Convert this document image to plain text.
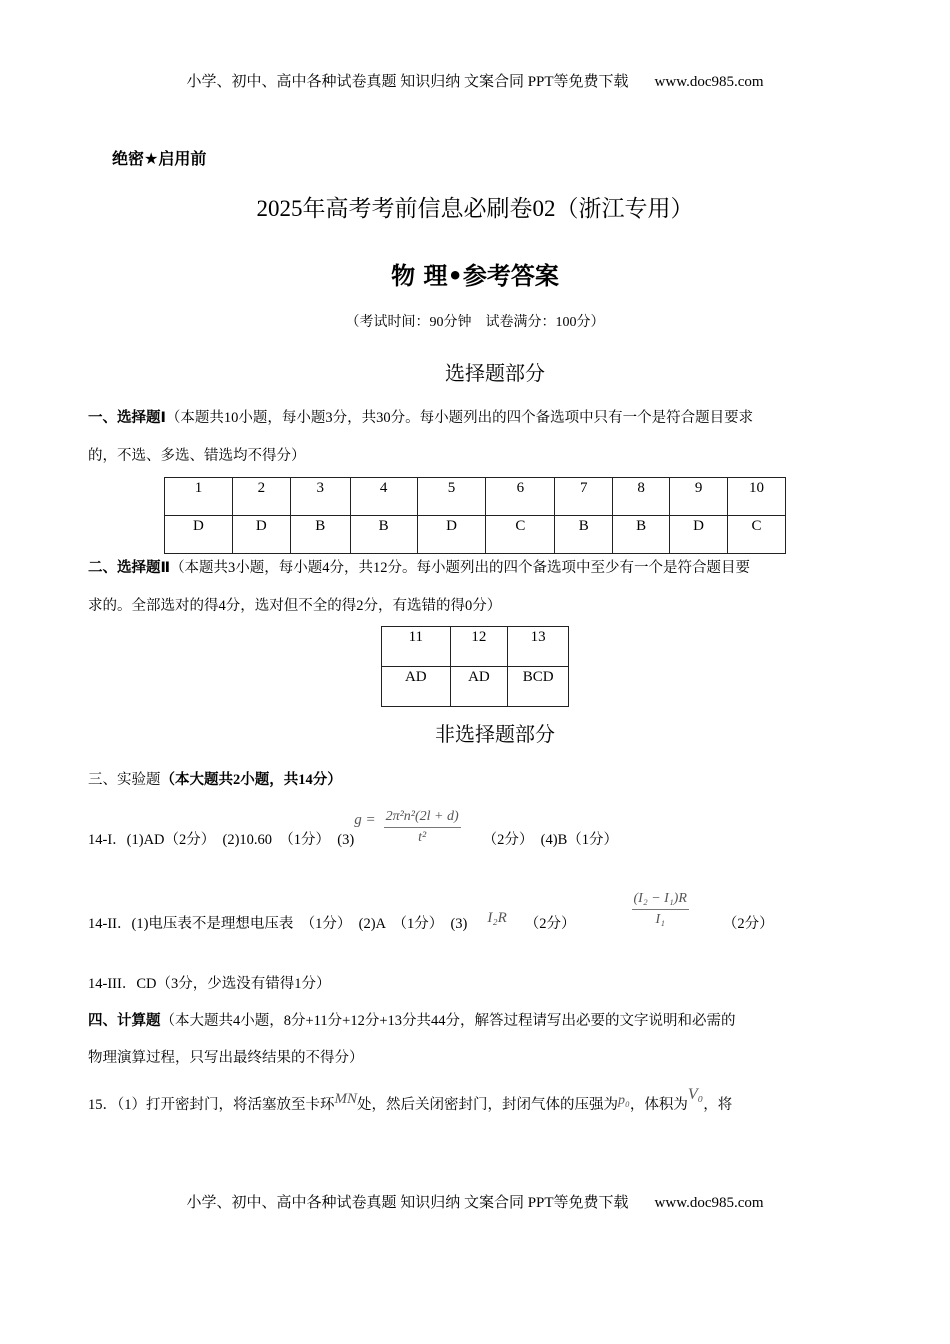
小学、初中、高中各种试卷真题 知识归纳 文案合同 PPT等免费下载 www.doc985.com
绝密★启用前
2025年高考考前信息必刷卷02（浙江专用）
物 理•参考答案
（考试时间：90分钟　试卷满分：100分）
选择题部分
一、选择题Ⅰ（本题共10小题，每小题3分，共30分。每小题列出的四个备选项中只有一个是符合题目要求
的，不选、多选、错选均不得分）
1	2	3	4	5	6	7	8	9	10
D	D	B	B	D	C	B	B	D	C
二、选择题Ⅱ（本题共3小题，每小题4分，共12分。每小题列出的四个备选项中至少有一个是符合题目要
求的。全部选对的得4分，选对但不全的得2分，有选错的得0分）
11	12	13
AD	AD	BCD
非选择题部分
三、实验题（本大题共2小题，共14分）
14-I．(1)AD（2分）　(2)10.60　（1分）　$(3)g = \frac{\text{2π²n²(2l + d)}}{\text{t²}} (2$分）　(4)B（1分）
14-II．(1)电压表不是理想电压表　（1分）　(2)A　（1分）　(3) I₂R （2分）	$\frac{\text{(I₂ − I₁)R}}{\text{I₁}} (2$分）
14-III．CD（3分，少选没有错得1分）
四、计算题（本大题共4小题，8分+11分+12分+13分共44分，解答过程请写出必要的文字说明和必需的
物理演算过程，只写出最终结果的不得分）
15．（1）打开密封门，将活塞放至卡环MN处，然后关闭密封门，封闭气体的压强为p₀，体积为V₀，将
小学、初中、高中各种试卷真题 知识归纳 文案合同 PPT等免费下载 www.doc985.com
